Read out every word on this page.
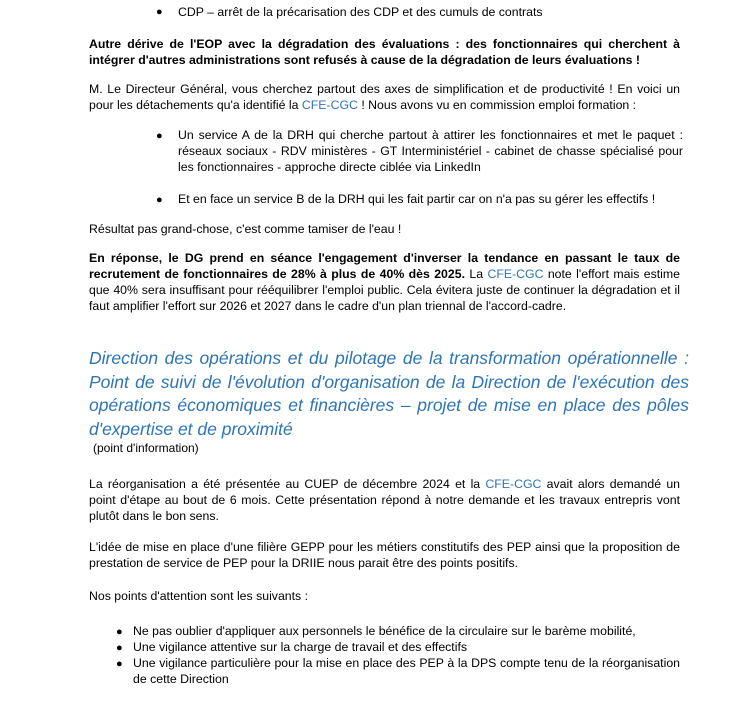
● CDP – arrêt de la précarisation des CDP et des cumuls de contrats

Autre dérive de l'EOP avec la dégradation des évaluations : des fonctionnaires qui cherchent à intégrer d'autres administrations sont refusés à cause de la dégradation de leurs évaluations !

M. Le Directeur Général, vous cherchez partout des axes de simplification et de productivité ! En voici un pour les détachements qu'a identifié la CFE-CGC ! Nous avons vu en commission emploi formation :

● Un service A de la DRH qui cherche partout à attirer les fonctionnaires et met le paquet : réseaux sociaux - RDV ministères - GT Interministériel - cabinet de chasse spécialisé pour les fonctionnaires - approche directe ciblée via LinkedIn

● Et en face un service B de la DRH qui les fait partir car on n'a pas su gérer les effectifs !

Résultat pas grand-chose, c'est comme tamiser de l'eau !

En réponse, le DG prend en séance l'engagement d'inverser la tendance en passant le taux de recrutement de fonctionnaires de 28% à plus de 40% dès 2025. La CFE-CGC note l'effort mais estime que 40% sera insuffisant pour rééquilibrer l'emploi public. Cela évitera juste de continuer la dégradation et il faut amplifier l'effort sur 2026 et 2027 dans le cadre d'un plan triennal de l'accord-cadre.

Direction des opérations et du pilotage de la transformation opérationnelle : Point de suivi de l'évolution d'organisation de la Direction de l'exécution des opérations économiques et financières – projet de mise en place des pôles d'expertise et de proximité

(point d'information)

La réorganisation a été présentée au CUEP de décembre 2024 et la CFE-CGC avait alors demandé un point d'étape au bout de 6 mois. Cette présentation répond à notre demande et les travaux entrepris vont plutôt dans le bon sens.

L'idée de mise en place d'une filière GEPP pour les métiers constitutifs des PEP ainsi que la proposition de prestation de service de PEP pour la DRIIE nous parait être des points positifs.

Nos points d'attention sont les suivants :

● Ne pas oublier d'appliquer aux personnels le bénéfice de la circulaire sur le barème mobilité,

● Une vigilance attentive sur la charge de travail et des effectifs

● Une vigilance particulière pour la mise en place des PEP à la DPS compte tenu de la réorganisation de cette Direction
